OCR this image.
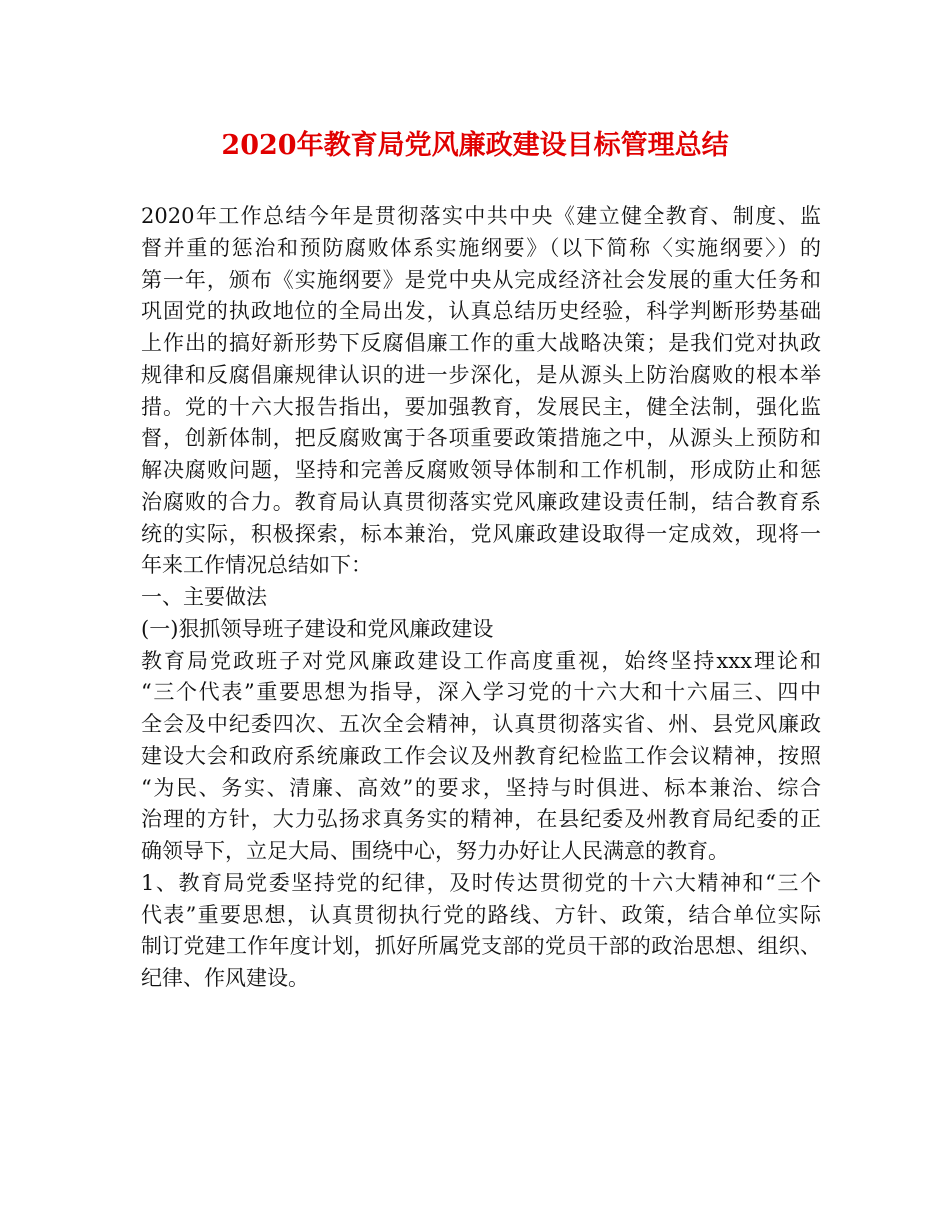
2020年教育局党风廉政建设目标管理总结
2020年工作总结今年是贯彻落实中共中央《建立健全教育、制度、监
督并重的惩治和预防腐败体系实施纲要》（以下简称〈实施纲要〉）的
第一年，颁布《实施纲要》是党中央从完成经济社会发展的重大任务和
巩固党的执政地位的全局出发，认真总结历史经验，科学判断形势基础
上作出的搞好新形势下反腐倡廉工作的重大战略决策；是我们党对执政
规律和反腐倡廉规律认识的进一步深化，是从源头上防治腐败的根本举
措。党的十六大报告指出，要加强教育，发展民主，健全法制，强化监
督，创新体制，把反腐败寓于各项重要政策措施之中，从源头上预防和
解决腐败问题，坚持和完善反腐败领导体制和工作机制，形成防止和惩
治腐败的合力。教育局认真贯彻落实党风廉政建设责任制，结合教育系
统的实际，积极探索，标本兼治，党风廉政建设取得一定成效，现将一
年来工作情况总结如下：
一、主要做法
(一)狠抓领导班子建设和党风廉政建设
教育局党政班子对党风廉政建设工作高度重视，始终坚持xxx理论和
“三个代表”重要思想为指导，深入学习党的十六大和十六届三、四中
全会及中纪委四次、五次全会精神，认真贯彻落实省、州、县党风廉政
建设大会和政府系统廉政工作会议及州教育纪检监工作会议精神，按照
“为民、务实、清廉、高效”的要求，坚持与时俱进、标本兼治、综合
治理的方针，大力弘扬求真务实的精神，在县纪委及州教育局纪委的正
确领导下，立足大局、围绕中心，努力办好让人民满意的教育。
1、教育局党委坚持党的纪律，及时传达贯彻党的十六大精神和“三个
代表”重要思想，认真贯彻执行党的路线、方针、政策，结合单位实际
制订党建工作年度计划，抓好所属党支部的党员干部的政治思想、组织、
纪律、作风建设。
